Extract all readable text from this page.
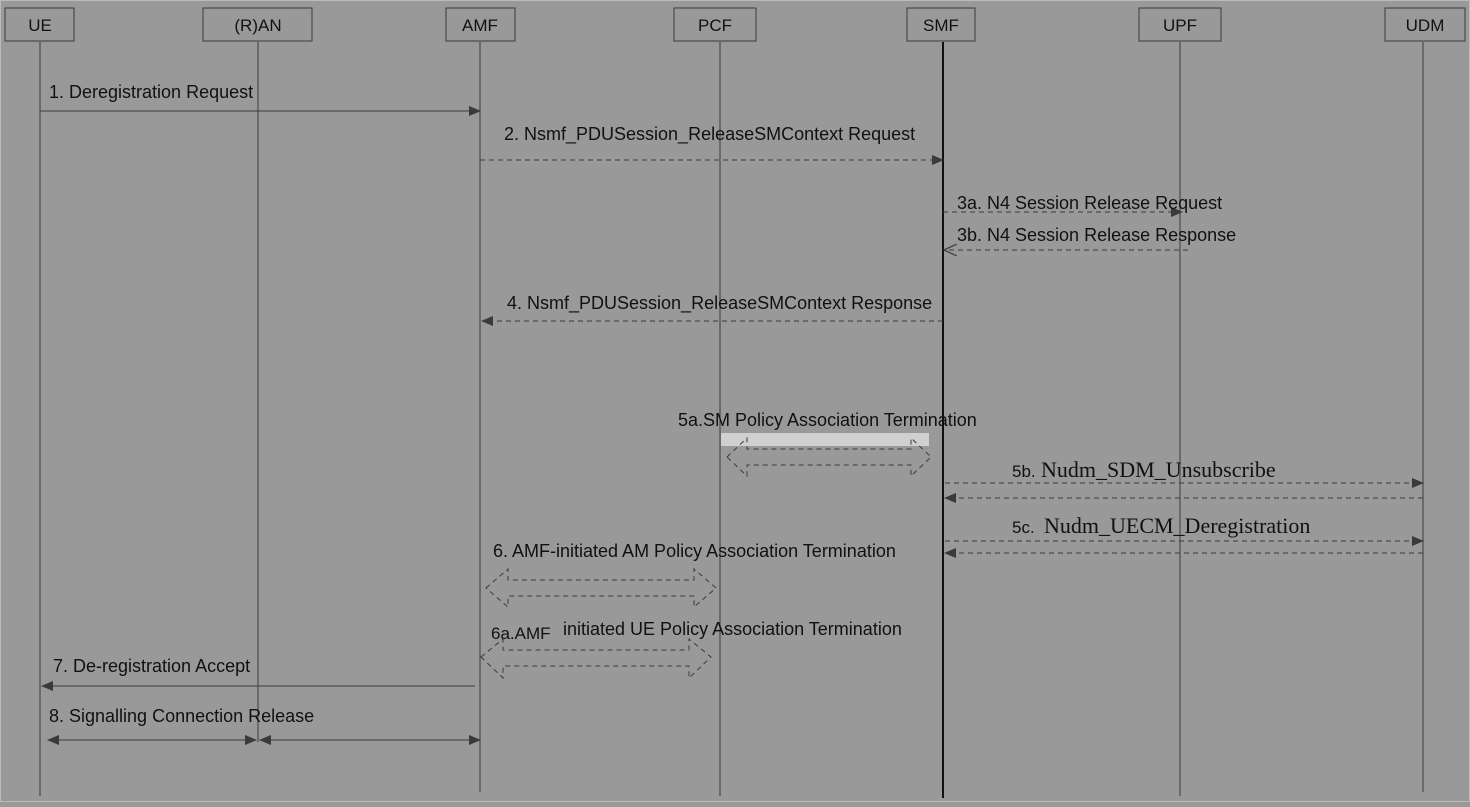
UE	(R)AN	AMF	PCF	SMF	UPF	UDM
1. Deregistration Request
2. Nsmf_PDUSession_ReleaseSMContext Request
3a. N4 Session Release Request
3b. N4 Session Release Response
4. Nsmf_PDUSession_ReleaseSMContext Response
5a.SM Policy Association Termination
5b. Nudm_SDM_Unsubscribe
5c. Nudm_UECM_Deregistration
6. AMF-initiated AM Policy Association Termination
6a.AMF initiated UE Policy Association Termination
7. De-registration Accept
8. Signalling Connection Release
